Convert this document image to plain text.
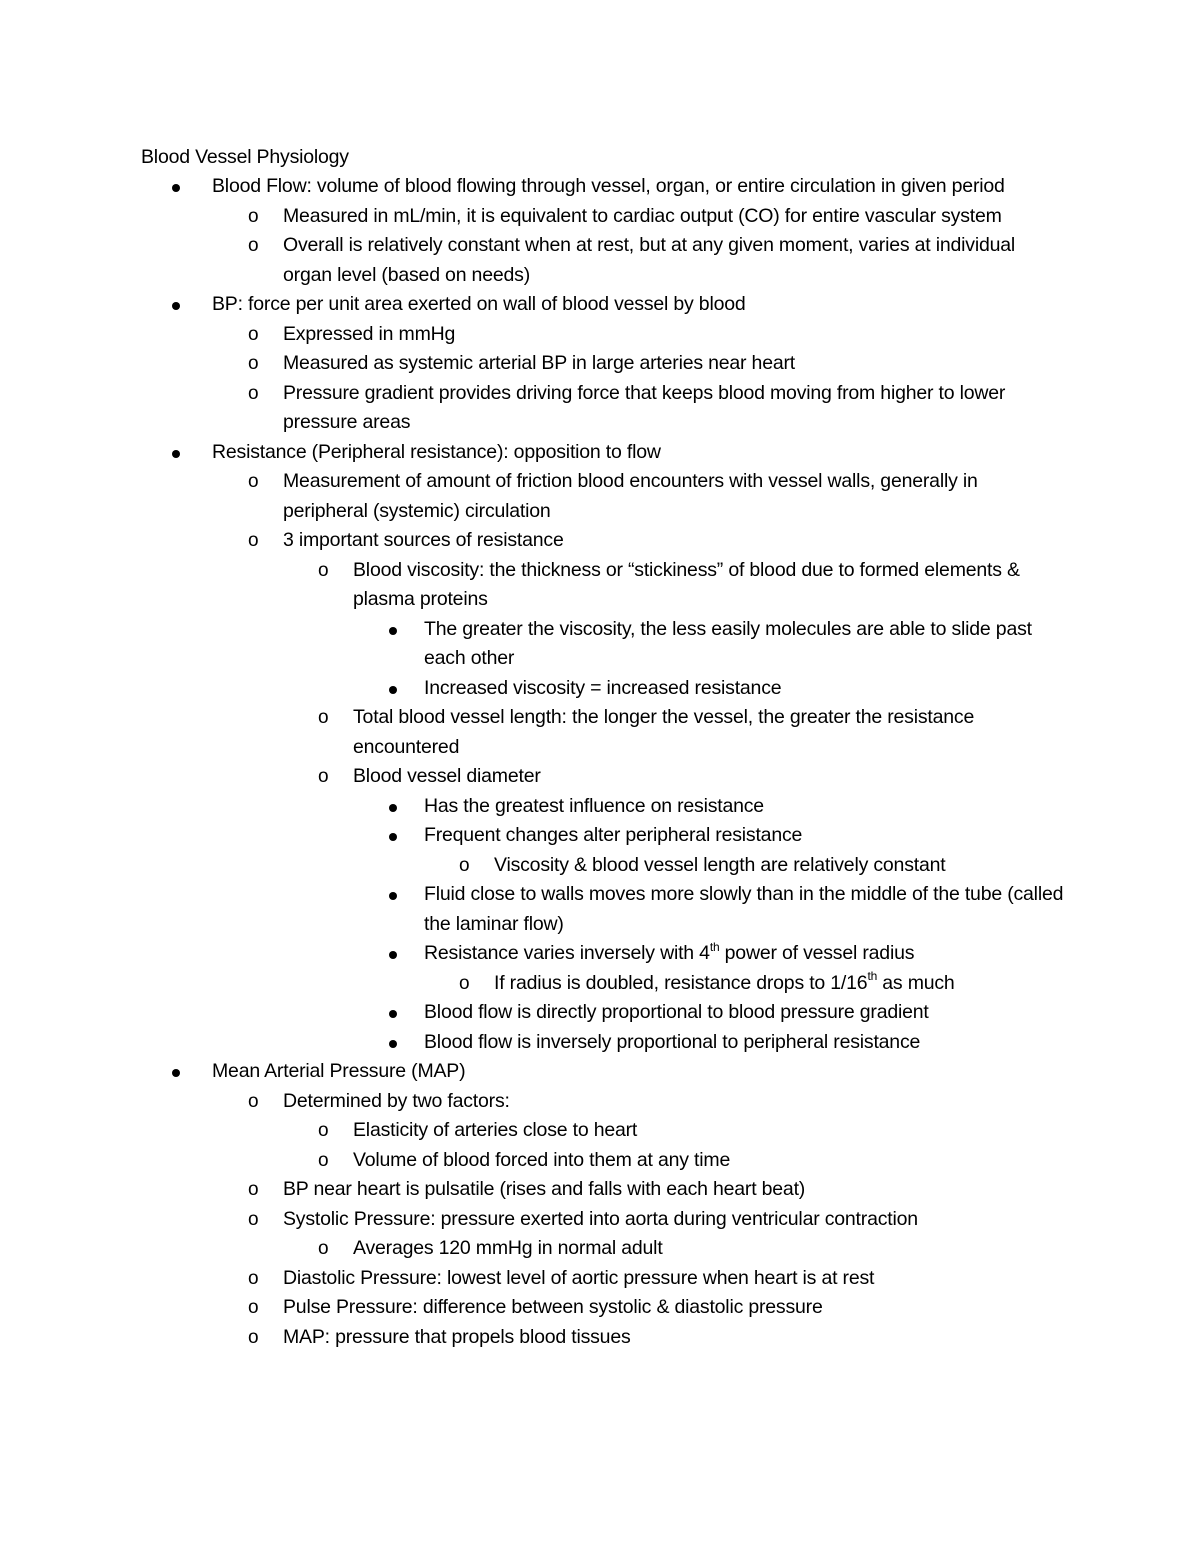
Blood Vessel Physiology
Blood Flow: volume of blood flowing through vessel, organ, or entire circulation in given period
o Measured in mL/min, it is equivalent to cardiac output (CO) for entire vascular system
o Overall is relatively constant when at rest, but at any given moment, varies at individual organ level (based on needs)
BP: force per unit area exerted on wall of blood vessel by blood
o Expressed in mmHg
o Measured as systemic arterial BP in large arteries near heart
o Pressure gradient provides driving force that keeps blood moving from higher to lower pressure areas
Resistance (Peripheral resistance): opposition to flow
o Measurement of amount of friction blood encounters with vessel walls, generally in peripheral (systemic) circulation
o 3 important sources of resistance
o Blood viscosity: the thickness or “stickiness” of blood due to formed elements & plasma proteins
The greater the viscosity, the less easily molecules are able to slide past each other
Increased viscosity = increased resistance
o Total blood vessel length: the longer the vessel, the greater the resistance encountered
o Blood vessel diameter
Has the greatest influence on resistance
Frequent changes alter peripheral resistance
o Viscosity & blood vessel length are relatively constant
Fluid close to walls moves more slowly than in the middle of the tube (called the laminar flow)
Resistance varies inversely with 4th power of vessel radius
o If radius is doubled, resistance drops to 1/16th as much
Blood flow is directly proportional to blood pressure gradient
Blood flow is inversely proportional to peripheral resistance
Mean Arterial Pressure (MAP)
o Determined by two factors:
o Elasticity of arteries close to heart
o Volume of blood forced into them at any time
o BP near heart is pulsatile (rises and falls with each heart beat)
o Systolic Pressure: pressure exerted into aorta during ventricular contraction
o Averages 120 mmHg in normal adult
o Diastolic Pressure: lowest level of aortic pressure when heart is at rest
o Pulse Pressure: difference between systolic & diastolic pressure
o MAP: pressure that propels blood tissues
